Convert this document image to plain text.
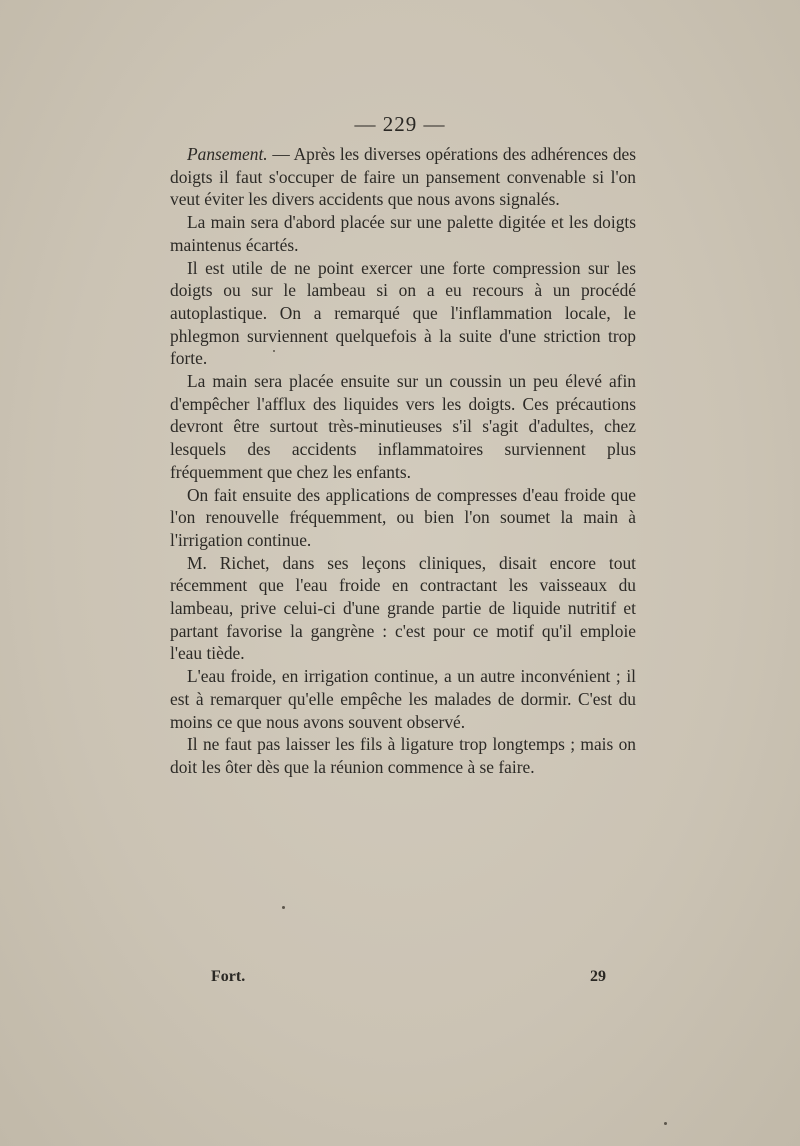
— 229 —

Pansement. — Après les diverses opérations des adhérences des doigts il faut s'occuper de faire un pansement convenable si l'on veut éviter les divers accidents que nous avons signalés.

La main sera d'abord placée sur une palette digitée et les doigts maintenus écartés.

Il est utile de ne point exercer une forte compression sur les doigts ou sur le lambeau si on a eu recours à un procédé autoplastique. On a remarqué que l'inflammation locale, le phlegmon surviennent quelquefois à la suite d'une striction trop forte.

La main sera placée ensuite sur un coussin un peu élevé afin d'empêcher l'afflux des liquides vers les doigts. Ces précautions devront être surtout très-minutieuses s'il s'agit d'adultes, chez lesquels des accidents inflammatoires surviennent plus fréquemment que chez les enfants.

On fait ensuite des applications de compresses d'eau froide que l'on renouvelle fréquemment, ou bien l'on soumet la main à l'irrigation continue.

M. Richet, dans ses leçons cliniques, disait encore tout récemment que l'eau froide en contractant les vaisseaux du lambeau, prive celui-ci d'une grande partie de liquide nutritif et partant favorise la gangrène : c'est pour ce motif qu'il emploie l'eau tiède.

L'eau froide, en irrigation continue, a un autre inconvénient ; il est à remarquer qu'elle empêche les malades de dormir. C'est du moins ce que nous avons souvent observé.

Il ne faut pas laisser les fils à ligature trop longtemps ; mais on doit les ôter dès que la réunion commence à se faire.

Fort.	29
